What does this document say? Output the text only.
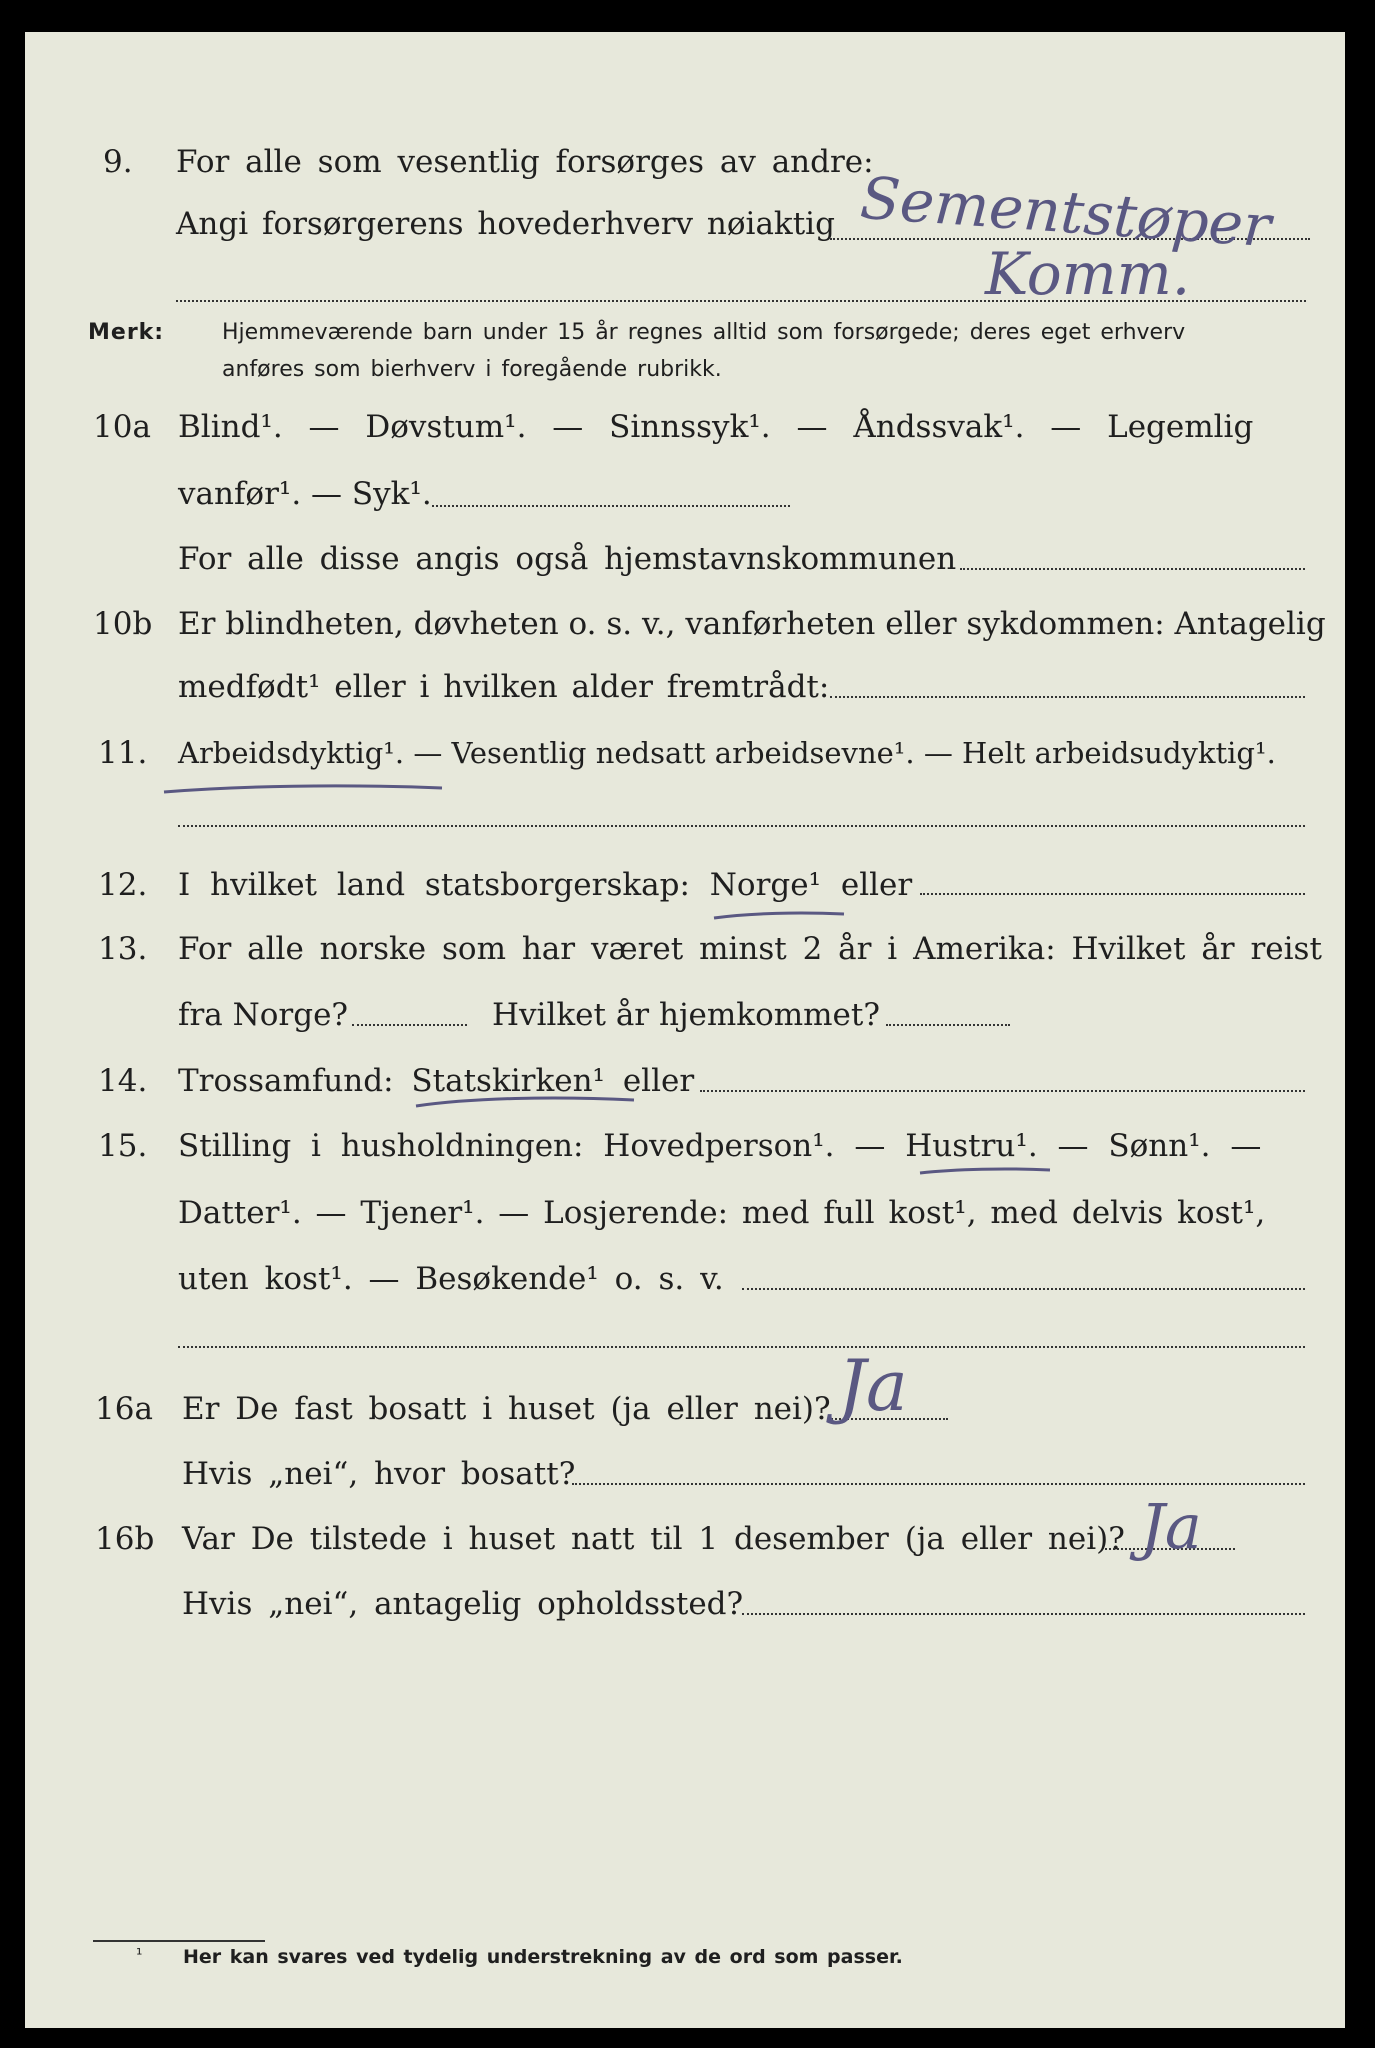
9. For alle som vesentlig forsørges av andre:
Angi forsørgerens hovederhverv nøiaktig Sementstøper
Komm.
Merk:	Hjemmeværende barn under 15 år regnes alltid som forsørgede; deres eget erhverv
anføres som bierhverv i foregående rubrikk.
10a Blind¹. — Døvstum¹. — Sinnssyk¹. — Åndssvak¹. — Legemlig
vanfør¹. — Syk¹.
For alle disse angis også hjemstavnskommunen
10b Er blindheten, døvheten o. s. v., vanførheten eller sykdommen: Antagelig
medfødt¹ eller i hvilken alder fremtrådt:
11. Arbeidsdyktig¹. — Vesentlig nedsatt arbeidsevne¹. — Helt arbeidsudyktig¹.
12. I hvilket land statsborgerskap: Norge¹ eller
13. For alle norske som har været minst 2 år i Amerika: Hvilket år reist
fra Norge?	Hvilket år hjemkommet?
14. Trossamfund: Statskirken¹ eller
15. Stilling i husholdningen: Hovedperson¹. — Hustru¹. — Sønn¹. —
Datter¹. — Tjener¹. — Losjerende: med full kost¹, med delvis kost¹,
uten kost¹. — Besøkende¹ o. s. v.
16a Er De fast bosatt i huset (ja eller nei)? Ja
Hvis „nei“, hvor bosatt?
16b Var De tilstede i huset natt til 1 desember (ja eller nei)? Ja
Hvis „nei“, antagelig opholdssted?
¹ Her kan svares ved tydelig understrekning av de ord som passer.
